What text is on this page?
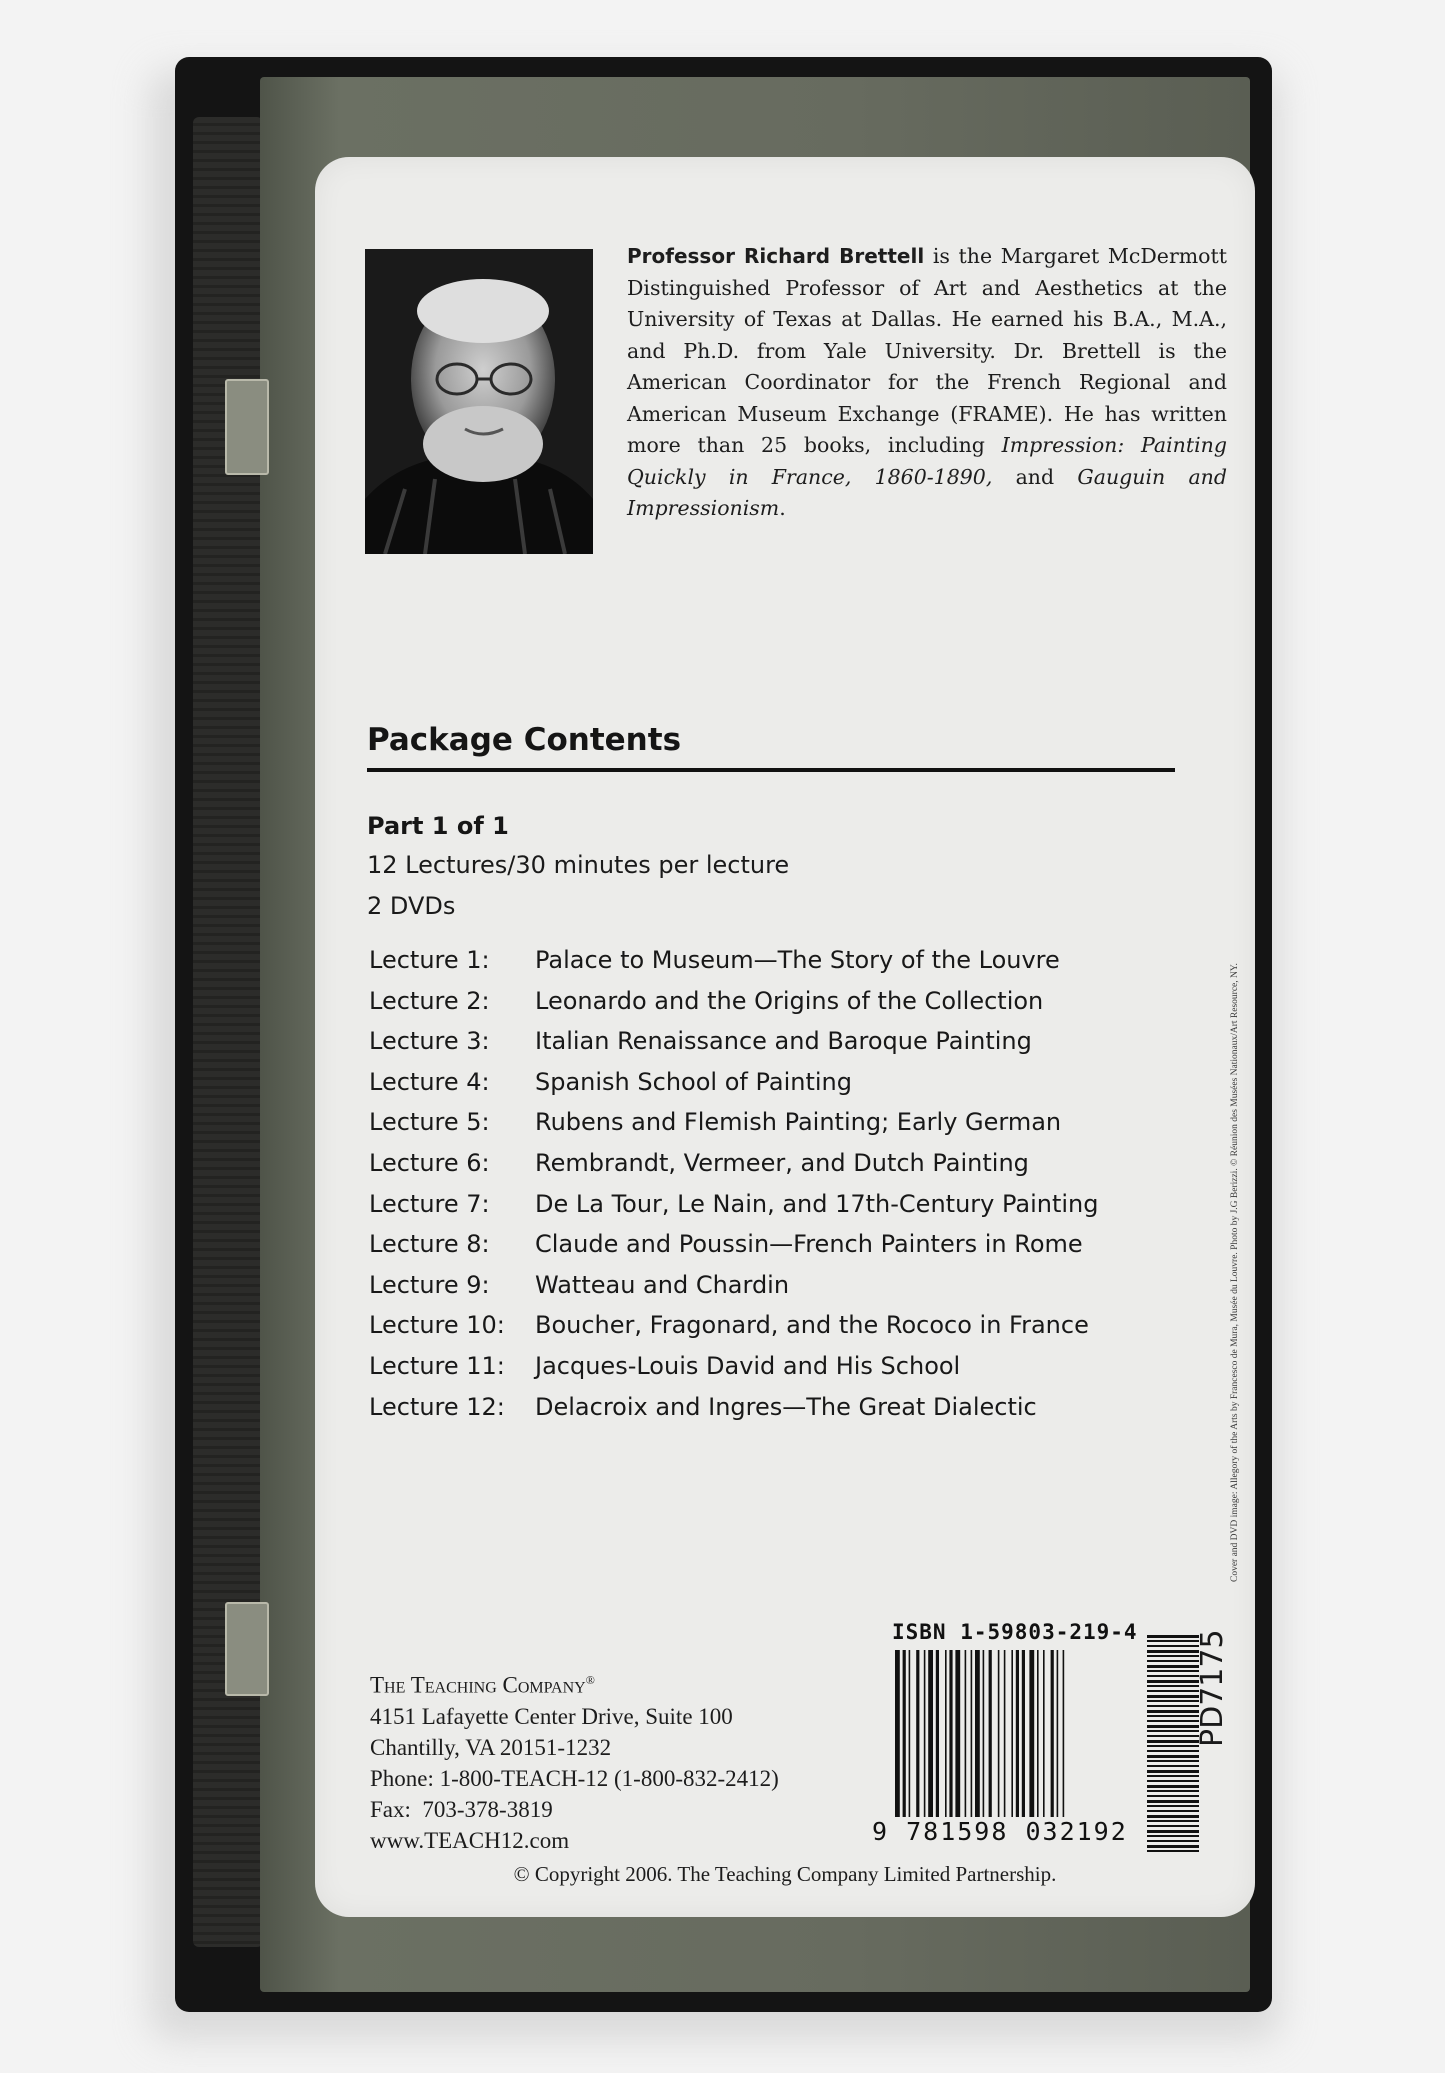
Professor Richard Brettell is the Margaret McDermott Distinguished Professor of Art and Aesthetics at the University of Texas at Dallas. He earned his B.A., M.A., and Ph.D. from Yale University. Dr. Brettell is the American Coordinator for the French Regional and American Museum Exchange (FRAME). He has written more than 25 books, including Impression: Painting Quickly in France, 1860-1890, and Gauguin and Impressionism.
Package Contents
Part 1 of 1
12 Lectures/30 minutes per lecture
2 DVDs
Lecture 1: Palace to Museum—The Story of the Louvre
Lecture 2: Leonardo and the Origins of the Collection
Lecture 3: Italian Renaissance and Baroque Painting
Lecture 4: Spanish School of Painting
Lecture 5: Rubens and Flemish Painting; Early German
Lecture 6: Rembrandt, Vermeer, and Dutch Painting
Lecture 7: De La Tour, Le Nain, and 17th-Century Painting
Lecture 8: Claude and Poussin—French Painters in Rome
Lecture 9: Watteau and Chardin
Lecture 10: Boucher, Fragonard, and the Rococo in France
Lecture 11: Jacques-Louis David and His School
Lecture 12: Delacroix and Ingres—The Great Dialectic
The Teaching Company®
4151 Lafayette Center Drive, Suite 100
Chantilly, VA 20151-1232
Phone: 1-800-TEACH-12 (1-800-832-2412)
Fax:  703-378-3819
www.TEACH12.com
ISBN 1-59803-219-4
9 781598 032192
PD7175
Cover and DVD image: Allegory of the Arts by Francesco de Mura, Musée du Louvre. Photo by J.G Berizzi. © Réunion des Musées Nationaux/Art Resource, NY.
© Copyright 2006. The Teaching Company Limited Partnership.
